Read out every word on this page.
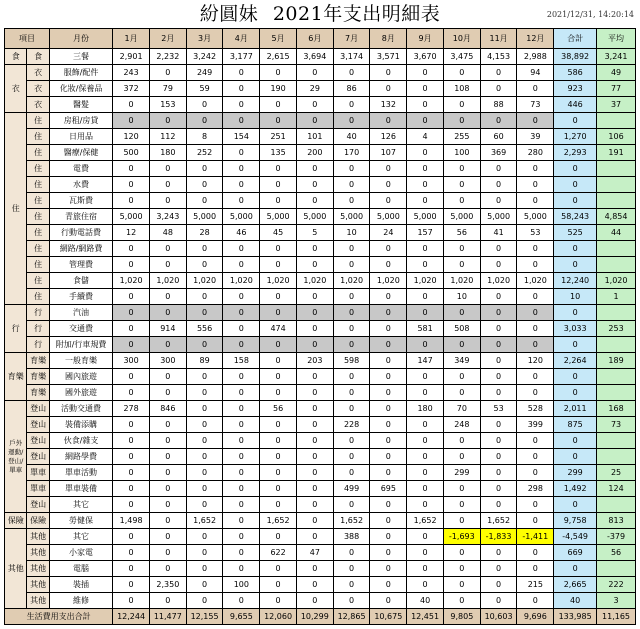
紛圓妹 2021年支出明細表	2021/12/31, 14:20:14
項目		月份	1月	2月	3月	4月	5月	6月	7月	8月	9月	10月	11月	12月	合計	平均
食	食	三餐	2,901	2,232	3,242	3,177	2,615	3,694	3,174	3,571	3,670	3,475	4,153	2,988	38,892	3,241
衣	衣	服飾/配件	243	0	249	0	0	0	0	0	0	0	0	94	586	49
	衣	化妝/保養品	372	79	59	0	190	29	86	0	0	108	0	0	923	77
	衣	醫髮	0	153	0	0	0	0	0	132	0	0	88	73	446	37
住	住	房租/房貸	0	0	0	0	0	0	0	0	0	0	0	0	0	
	住	日用品	120	112	8	154	251	101	40	126	4	255	60	39	1,270	106
	住	醫療/保健	500	180	252	0	135	200	170	107	0	100	369	280	2,293	191
	住	電費	0	0	0	0	0	0	0	0	0	0	0	0	0	
	住	水費	0	0	0	0	0	0	0	0	0	0	0	0	0	
	住	瓦斯費	0	0	0	0	0	0	0	0	0	0	0	0	0	
	住	青旅住宿	5,000	3,243	5,000	5,000	5,000	5,000	5,000	5,000	5,000	5,000	5,000	5,000	58,243	4,854
	住	行動電話費	12	48	28	46	45	5	10	24	157	56	41	53	525	44
	住	網路/網路費	0	0	0	0	0	0	0	0	0	0	0	0	0	
	住	管理費	0	0	0	0	0	0	0	0	0	0	0	0	0	
	住	食儲	1,020	1,020	1,020	1,020	1,020	1,020	1,020	1,020	1,020	1,020	1,020	1,020	12,240	1,020
	住	手續費	0	0	0	0	0	0	0	0	0	10	0	0	10	1
行	行	汽油	0	0	0	0	0	0	0	0	0	0	0	0	0	
	行	交通費	0	914	556	0	474	0	0	0	581	508	0	0	3,033	253
	行	附加/行車規費	0	0	0	0	0	0	0	0	0	0	0	0	0	
育樂	育樂	一般育樂	300	300	89	158	0	203	598	0	147	349	0	120	2,264	189
	育樂	國內旅遊	0	0	0	0	0	0	0	0	0	0	0	0	0	
	育樂	國外旅遊	0	0	0	0	0	0	0	0	0	0	0	0	0	
戶外運動/登山/單車	登山	活動交通費	278	846	0	0	56	0	0	0	180	70	53	528	2,011	168
	登山	裝備添購	0	0	0	0	0	0	228	0	0	248	0	399	875	73
	登山	伙食/雜支	0	0	0	0	0	0	0	0	0	0	0	0	0	
	登山	網路學費	0	0	0	0	0	0	0	0	0	0	0	0	0	
	單車	單車活動	0	0	0	0	0	0	0	0	0	299	0	0	299	25
	單車	單車裝備	0	0	0	0	0	0	499	695	0	0	0	298	1,492	124
	登山	其它	0	0	0	0	0	0	0	0	0	0	0	0	0	
保險	保險	勞健保	1,498	0	1,652	0	1,652	0	1,652	0	1,652	0	1,652	0	9,758	813
其他	其他	其它	0	0	0	0	0	0	388	0	0	-1,693	-1,833	-1,411	-4,549	-379
	其他	小家電	0	0	0	0	622	47	0	0	0	0	0	0	669	56
	其他	電腦	0	0	0	0	0	0	0	0	0	0	0	0	0	
	其他	裝插	0	2,350	0	100	0	0	0	0	0	0	0	215	2,665	222
	其他	維修	0	0	0	0	0	0	0	0	40	0	0	0	40	3
生活費用支出合計			12,244	11,477	12,155	9,655	12,060	10,299	12,865	10,675	12,451	9,805	10,603	9,696	133,985	11,165
